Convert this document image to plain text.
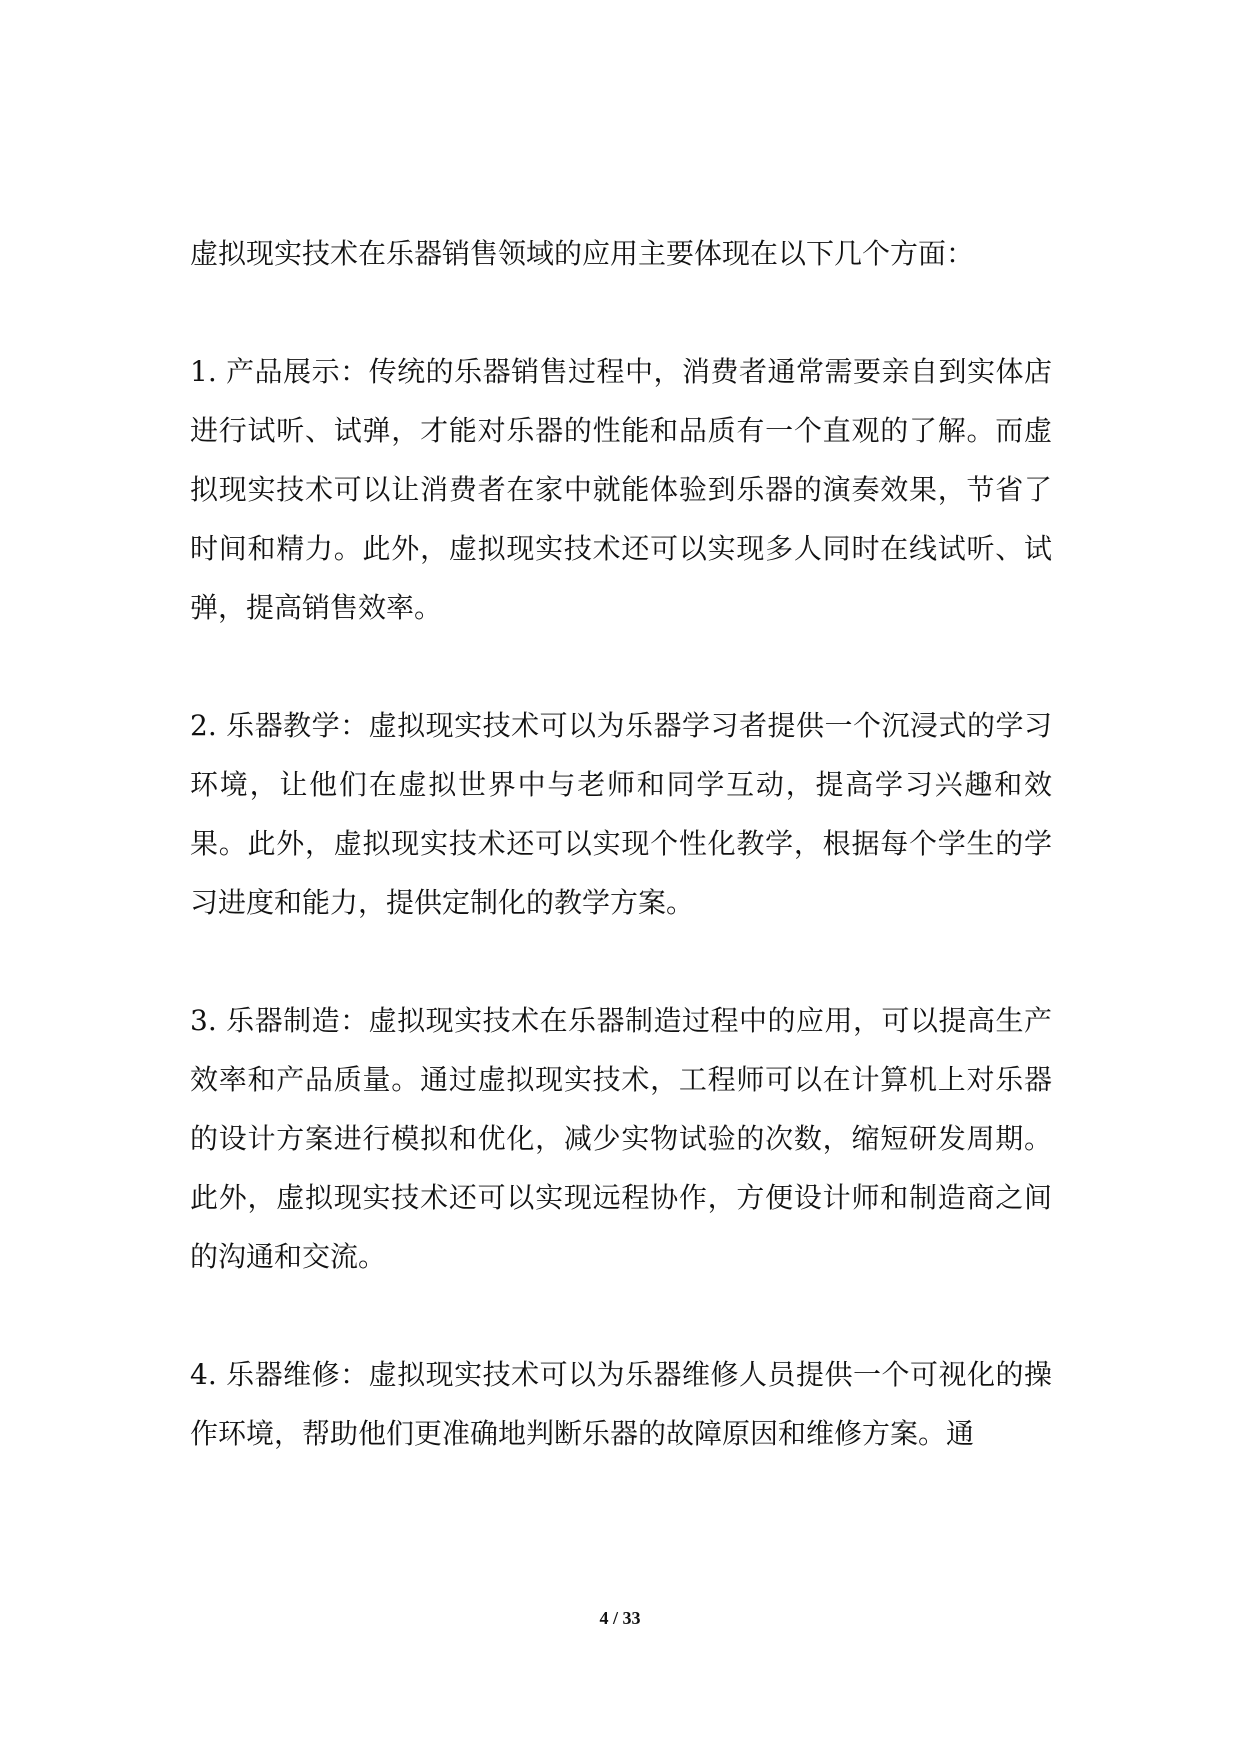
虚拟现实技术在乐器销售领域的应用主要体现在以下几个方面：

1. 产品展示：传统的乐器销售过程中，消费者通常需要亲自到实体店进行试听、试弹，才能对乐器的性能和品质有一个直观的了解。而虚拟现实技术可以让消费者在家中就能体验到乐器的演奏效果，节省了时间和精力。此外，虚拟现实技术还可以实现多人同时在线试听、试弹，提高销售效率。

2. 乐器教学：虚拟现实技术可以为乐器学习者提供一个沉浸式的学习环境，让他们在虚拟世界中与老师和同学互动，提高学习兴趣和效果。此外，虚拟现实技术还可以实现个性化教学，根据每个学生的学习进度和能力，提供定制化的教学方案。

3. 乐器制造：虚拟现实技术在乐器制造过程中的应用，可以提高生产效率和产品质量。通过虚拟现实技术，工程师可以在计算机上对乐器的设计方案进行模拟和优化，减少实物试验的次数，缩短研发周期。此外，虚拟现实技术还可以实现远程协作，方便设计师和制造商之间的沟通和交流。

4. 乐器维修：虚拟现实技术可以为乐器维修人员提供一个可视化的操作环境，帮助他们更准确地判断乐器的故障原因和维修方案。通

4 / 33
